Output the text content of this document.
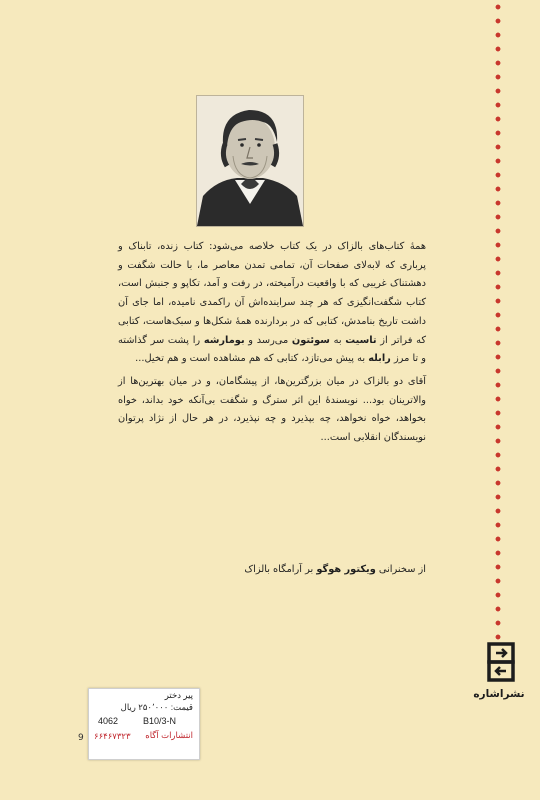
همهٔ کتاب‌های بالزاک در یک کتاب خلاصه می‌شود: کتاب زنده، تابناک و پرباری که لابه‌لای صفحات آن، تمامی تمدن معاصر ما، با حالت شگفت و دهشتناک غریبی که با واقعیت درآمیخته، در رفت و آمد، تکاپو و جنبش است، کتاب شگفت‌انگیزی که هر چند سراینده‌اش آن راکمدی نامیده، اما جای آن داشت تاریخ بنامدش، کتابی که در بردارنده همهٔ شکل‌ها و سبک‌هاست، کتابی که فراتر از تاسیت به سوئتون می‌رسد و بومارشه را پشت سر گذاشته و تا مرز رابله به پیش می‌تازد، کتابی که هم مشاهده است و هم تخیل...

آقای دو بالزاک در میان بزرگترین‌ها، از پیشگامان، و در میان بهترین‌ها از والاترینان بود... نویسندهٔ این اثر سترگ و شگفت بی‌آنکه خود بداند، خواه بخواهد، خواه نخواهد، چه بپذیرد و چه نپذیرد، در هر حال از نژاد پرتوان نویسندگان انقلابی است...

از سخنرانی ویکتور هوگو بر آرامگاه بالزاک
نشراشاره
پیر دختر
قیمت: ۲۵۰٬۰۰۰ ریال
4062	B10/3-N
انتشارات آگاه
۶۶۴۶۷۳۲۳
9
